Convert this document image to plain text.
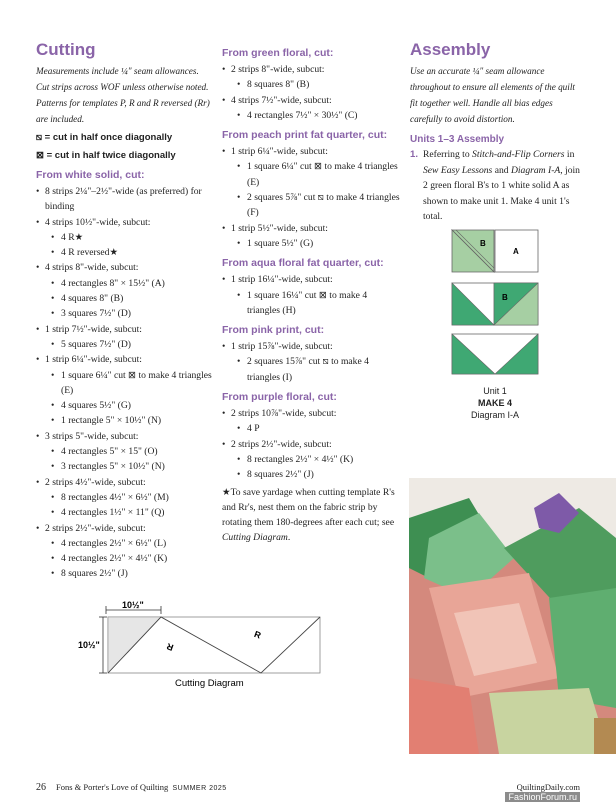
Cutting
Measurements include ¼" seam allowances. Cut strips across WOF unless otherwise noted. Patterns for templates P, R and R reversed (Rr) are included.
⧅ = cut in half once diagonally
⊠ = cut in half twice diagonally
From white solid, cut:
• 8 strips 2¼"–2½"-wide (as preferred) for binding
• 4 strips 10½"-wide, subcut:
• 4 R★
• 4 R reversed★
• 4 strips 8"-wide, subcut:
• 4 rectangles 8" × 15½" (A)
• 4 squares 8" (B)
• 3 squares 7½" (D)
• 1 strip 7½"-wide, subcut:
• 5 squares 7½" (D)
• 1 strip 6¼"-wide, subcut:
• 1 square 6¼" cut ⊠ to make 4 triangles (E)
• 4 squares 5½" (G)
• 1 rectangle 5" × 10½" (N)
• 3 strips 5"-wide, subcut:
• 4 rectangles 5" × 15" (O)
• 3 rectangles 5" × 10½" (N)
• 2 strips 4½"-wide, subcut:
• 8 rectangles 4½" × 6½" (M)
• 4 rectangles 1½" × 11" (Q)
• 2 strips 2½"-wide, subcut:
• 4 rectangles 2½" × 6½" (L)
• 4 rectangles 2½" × 4½" (K)
• 8 squares 2½" (J)
From green floral, cut:
• 2 strips 8"-wide, subcut:
• 8 squares 8" (B)
• 4 strips 7½"-wide, subcut:
• 4 rectangles 7½" × 30½" (C)
From peach print fat quarter, cut:
• 1 strip 6¼"-wide, subcut:
• 1 square 6¼" cut ⊠ to make 4 triangles (E)
• 2 squares 5⅞" cut ⧅ to make 4 triangles (F)
• 1 strip 5½"-wide, subcut:
• 1 square 5½" (G)
From aqua floral fat quarter, cut:
• 1 strip 16¼"-wide, subcut:
• 1 square 16¼" cut ⊠ to make 4 triangles (H)
From pink print, cut:
• 1 strip 15⅞"-wide, subcut:
• 2 squares 15⅞" cut ⧅ to make 4 triangles (I)
From purple floral, cut:
• 2 strips 10⅞"-wide, subcut:
• 4 P
• 2 strips 2½"-wide, subcut:
• 8 rectangles 2½" × 4½" (K)
• 8 squares 2½" (J)
★To save yardage when cutting template R's and Rr's, nest them on the fabric strip by rotating them 180-degrees after each cut; see Cutting Diagram.
Assembly
Use an accurate ¼" seam allowance throughout to ensure all elements of the quilt fit together well. Handle all bias edges carefully to avoid distortion.
Units 1–3 Assembly
1. Referring to Stitch-and-Flip Corners in Sew Easy Lessons and Diagram I-A, join 2 green floral B's to 1 white solid A as shown to make unit 1. Make 4 unit 1's total.
B
A
B
Unit 1
MAKE 4
Diagram I-A
10½"
10½"	R
R
Cutting Diagram
26 Fons & Porter's Love of Quilting SUMMER 2025	QuiltingDaily.com
FashionForum.ru
